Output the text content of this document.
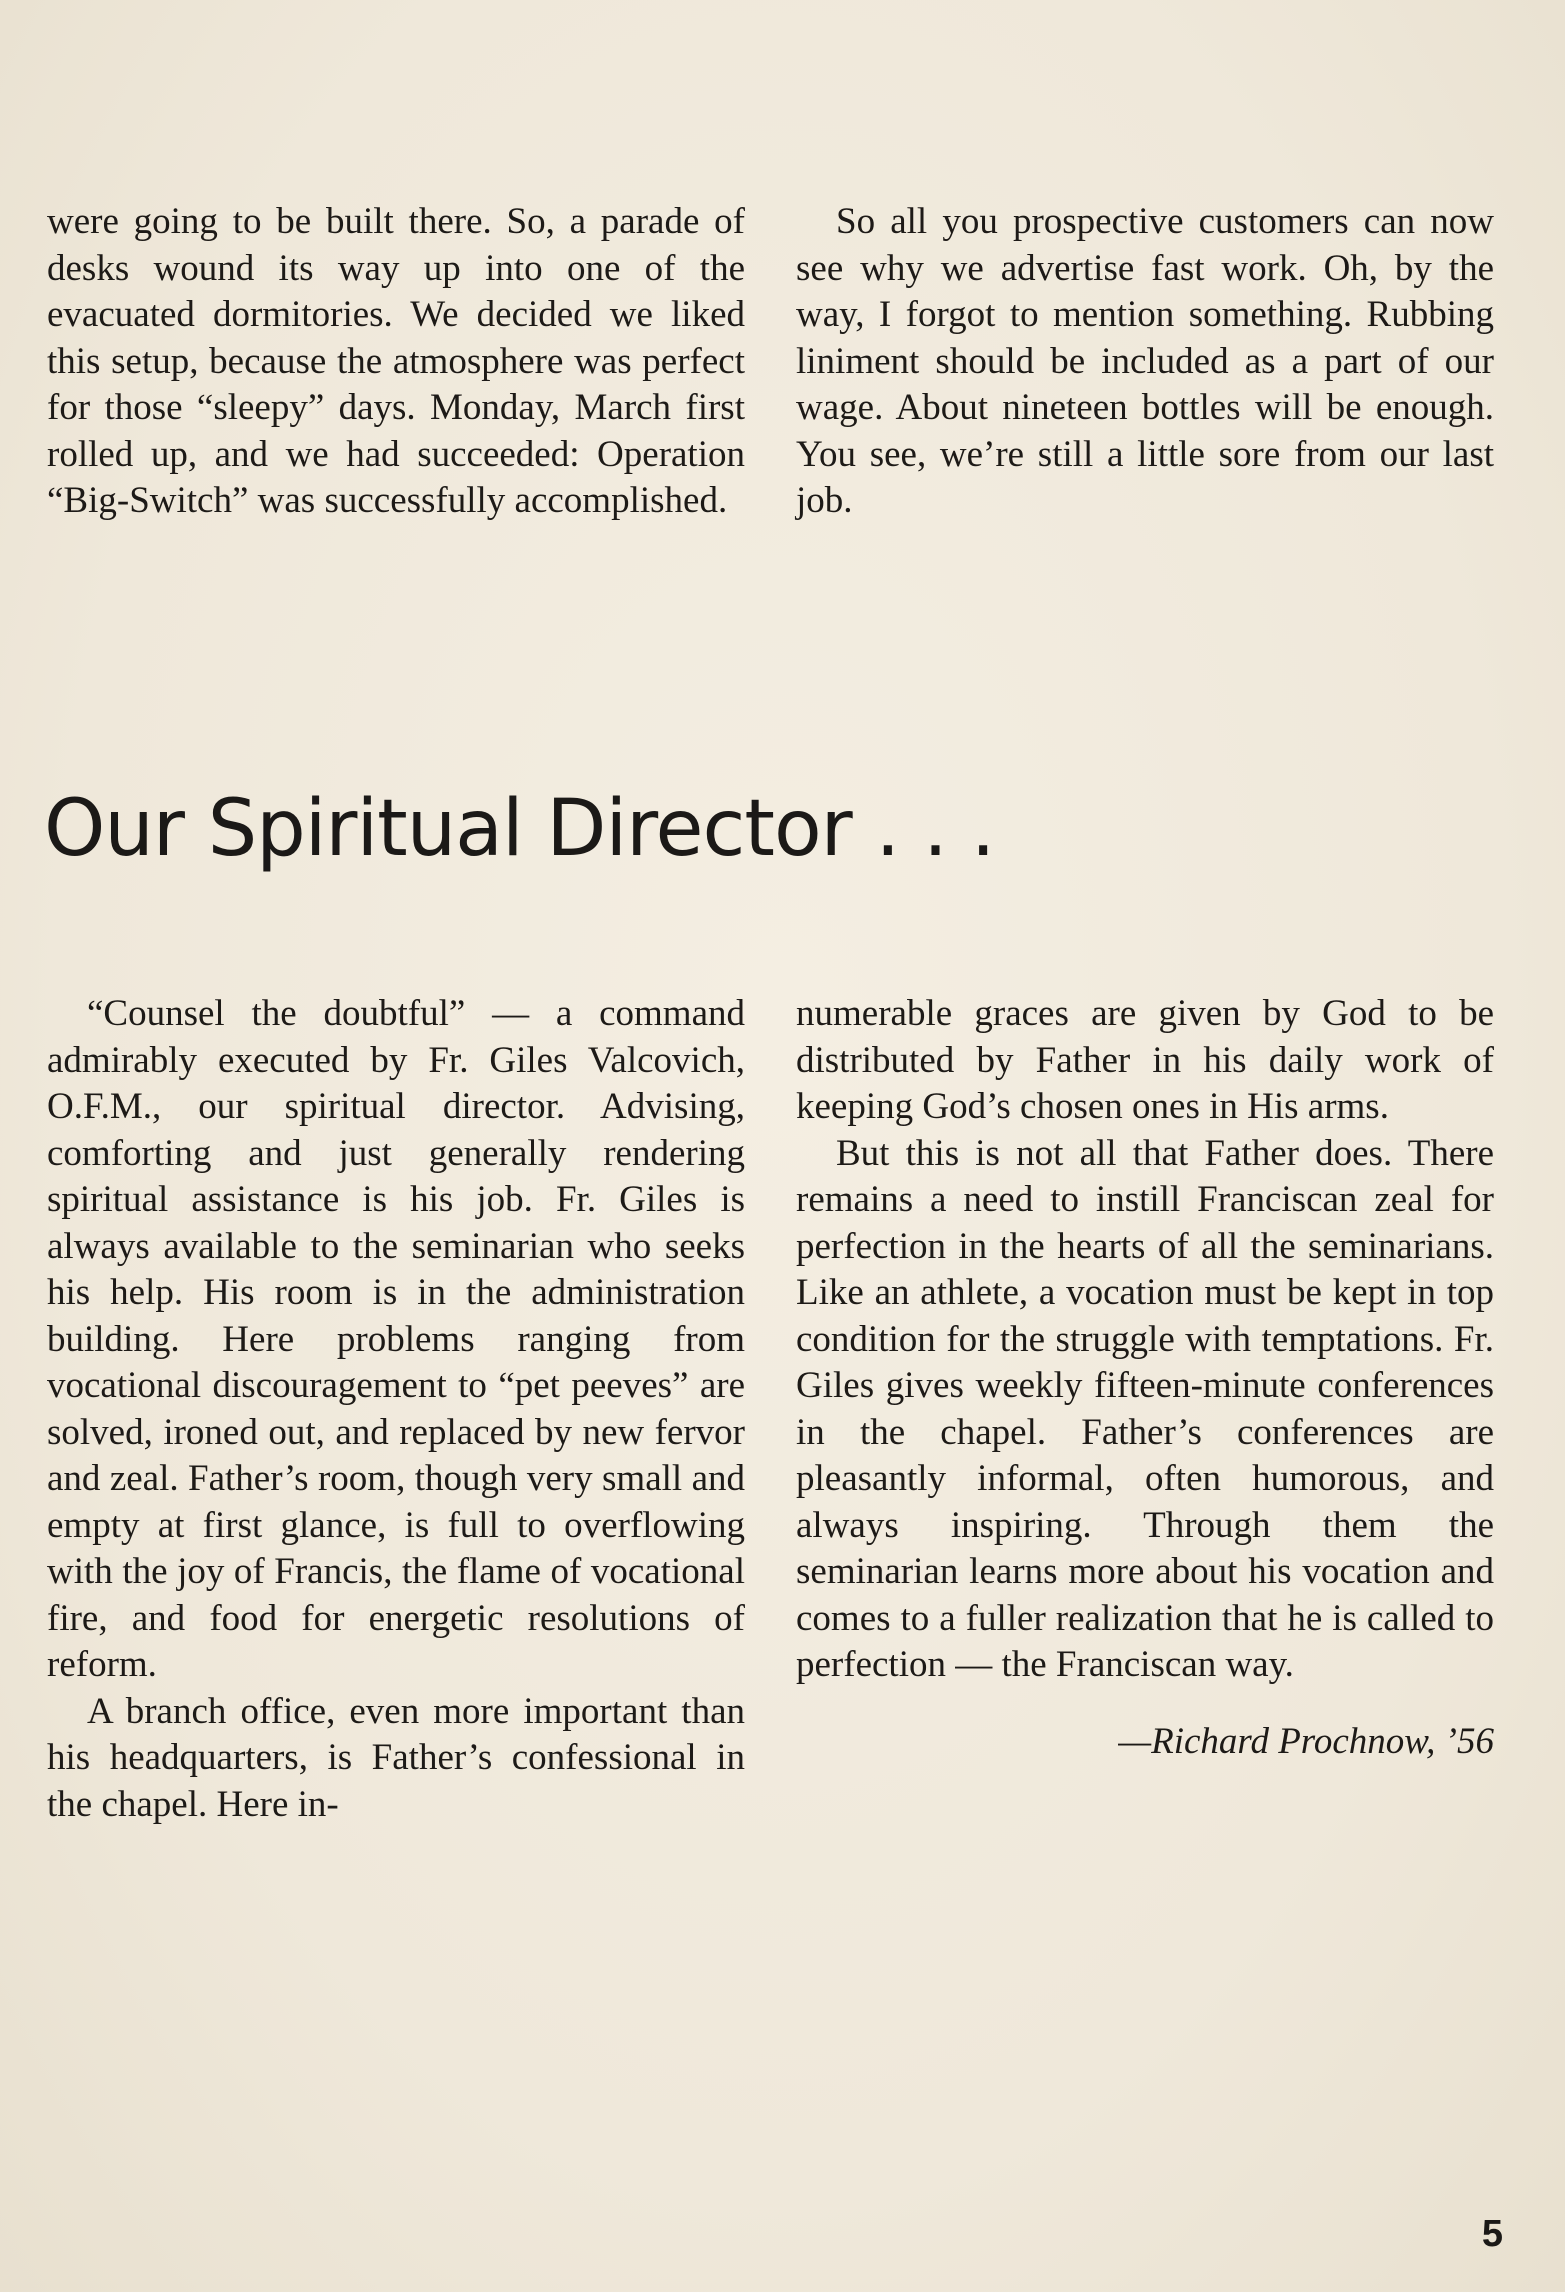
were going to be built there. So, a parade of desks wound its way up into one of the evacuated dormitories. We decided we liked this setup, because the atmosphere was perfect for those “sleepy” days. Monday, March first rolled up, and we had succeeded: Operation “Big-Switch” was successfully accomplished.

So all you prospective customers can now see why we advertise fast work. Oh, by the way, I forgot to mention something. Rubbing liniment should be included as a part of our wage. About nineteen bottles will be enough. You see, we’re still a little sore from our last job.

Our Spiritual Director . . .

“Counsel the doubtful” — a command admirably executed by Fr. Giles Valcovich, O.F.M., our spiritual director. Advising, comforting and just generally rendering spiritual assistance is his job. Fr. Giles is always available to the seminarian who seeks his help. His room is in the administration building. Here problems ranging from vocational discouragement to “pet peeves” are solved, ironed out, and replaced by new fervor and zeal. Father’s room, though very small and empty at first glance, is full to overflowing with the joy of Francis, the flame of vocational fire, and food for energetic resolutions of reform.

A branch office, even more important than his headquarters, is Father’s confessional in the chapel. Here in-

numerable graces are given by God to be distributed by Father in his daily work of keeping God’s chosen ones in His arms.

But this is not all that Father does. There remains a need to instill Franciscan zeal for perfection in the hearts of all the seminarians. Like an athlete, a vocation must be kept in top condition for the struggle with temptations. Fr. Giles gives weekly fifteen-minute conferences in the chapel. Father’s conferences are pleasantly informal, often humorous, and always inspiring. Through them the seminarian learns more about his vocation and comes to a fuller realization that he is called to perfection — the Franciscan way.

—Richard Prochnow, ’56

5
